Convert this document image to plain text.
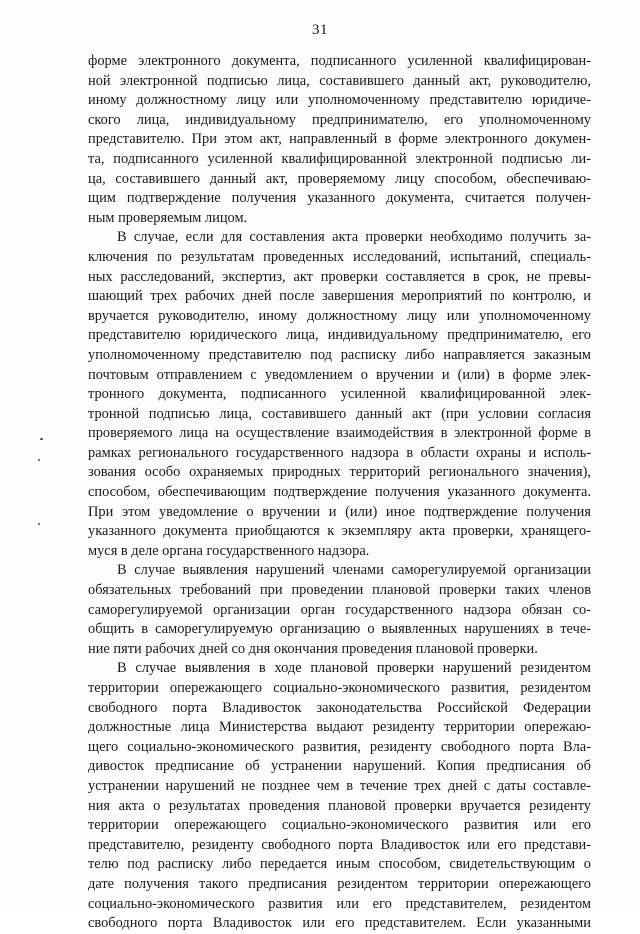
31
форме электронного документа, подписанного усиленной квалифицирован-
ной электронной подписью лица, составившего данный акт, руководителю,
иному должностному лицу или уполномоченному представителю юридиче-
ского лица, индивидуальному предпринимателю, его уполномоченному
представителю. При этом акт, направленный в форме электронного докумен-
та, подписанного усиленной квалифицированной электронной подписью ли-
ца, составившего данный акт, проверяемому лицу способом, обеспечиваю-
щим подтверждение получения указанного документа, считается получен-
ным проверяемым лицом.
В случае, если для составления акта проверки необходимо получить за-
ключения по результатам проведенных исследований, испытаний, специаль-
ных расследований, экспертиз, акт проверки составляется в срок, не превы-
шающий трех рабочих дней после завершения мероприятий по контролю, и
вручается руководителю, иному должностному лицу или уполномоченному
представителю юридического лица, индивидуальному предпринимателю, его
уполномоченному представителю под расписку либо направляется заказным
почтовым отправлением с уведомлением о вручении и (или) в форме элек-
тронного документа, подписанного усиленной квалифицированной элек-
тронной подписью лица, составившего данный акт (при условии согласия
проверяемого лица на осуществление взаимодействия в электронной форме в
рамках регионального государственного надзора в области охраны и исполь-
зования особо охраняемых природных территорий регионального значения),
способом, обеспечивающим подтверждение получения указанного документа.
При этом уведомление о вручении и (или) иное подтверждение получения
указанного документа приобщаются к экземпляру акта проверки, хранящего-
муся в деле органа государственного надзора.
В случае выявления нарушений членами саморегулируемой организации
обязательных требований при проведении плановой проверки таких членов
саморегулируемой организации орган государственного надзора обязан со-
общить в саморегулируемую организацию о выявленных нарушениях в тече-
ние пяти рабочих дней со дня окончания проведения плановой проверки.
В случае выявления в ходе плановой проверки нарушений резидентом
территории опережающего социально-экономического развития, резидентом
свободного порта Владивосток законодательства Российской Федерации
должностные лица Министерства выдают резиденту территории опережаю-
щего социально-экономического развития, резиденту свободного порта Вла-
дивосток предписание об устранении нарушений. Копия предписания об
устранении нарушений не позднее чем в течение трех дней с даты составле-
ния акта о результатах проведения плановой проверки вручается резиденту
территории опережающего социально-экономического развития или его
представителю, резиденту свободного порта Владивосток или его представи-
телю под расписку либо передается иным способом, свидетельствующим о
дате получения такого предписания резидентом территории опережающего
социально-экономического развития или его представителем, резидентом
свободного порта Владивосток или его представителем. Если указанными
